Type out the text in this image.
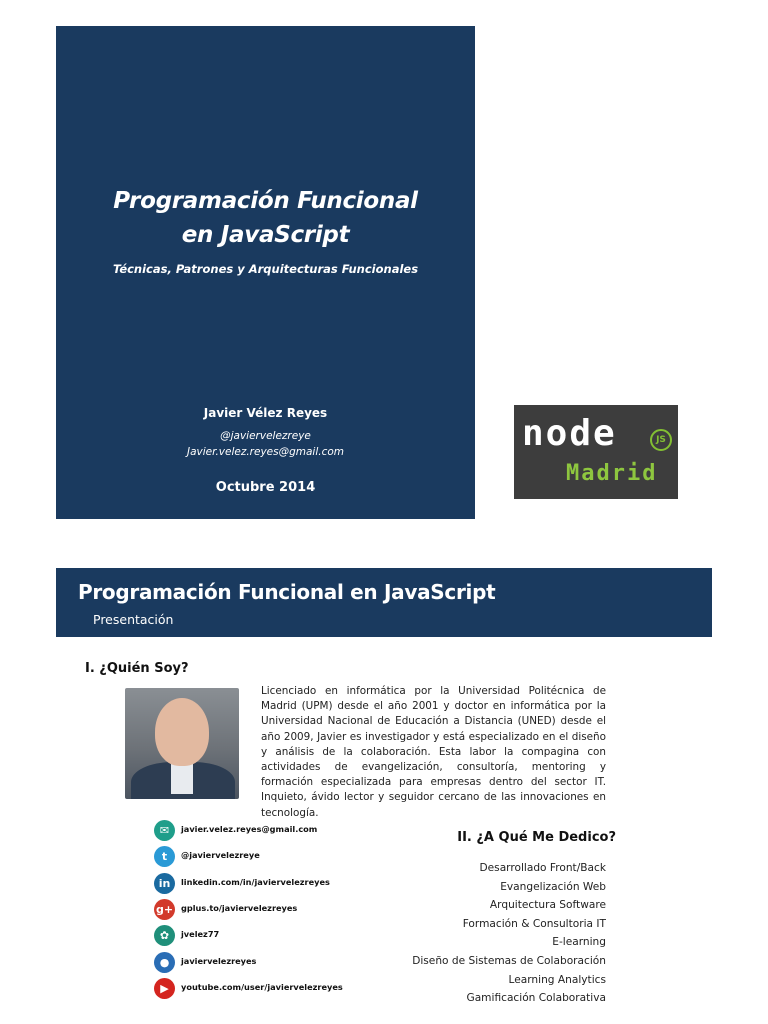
Programación Funcional
en JavaScript
Técnicas, Patrones y Arquitecturas Funcionales
Javier Vélez Reyes
@javiervelezreye
Javier.velez.reyes@gmail.com
Octubre 2014
node	JS
Madrid
Programación Funcional en JavaScript
Presentación
I. ¿Quién Soy?
Licenciado en informática por la Universidad Politécnica de Madrid (UPM) desde el año 2001 y doctor en informática por la Universidad Nacional de Educación a Distancia (UNED) desde el año 2009, Javier es investigador y está especializado en el diseño y análisis de la colaboración. Esta labor la compagina con actividades de evangelización, consultoría, mentoring y formación especializada para empresas dentro del sector IT. Inquieto, ávido lector y seguidor cercano de las innovaciones en tecnología.
✉	javier.velez.reyes@gmail.com
t	@javiervelezreye
in	linkedin.com/in/javiervelezreyes
g+ gplus.to/javiervelezreyes
✿	jvelez77
●	javiervelezreyes
▶	youtube.com/user/javiervelezreyes
II. ¿A Qué Me Dedico?
Desarrollado Front/Back
Evangelización Web
Arquitectura Software
Formación & Consultoria IT
E-learning
Diseño de Sistemas de Colaboración
Learning Analytics
Gamificación Colaborativa
